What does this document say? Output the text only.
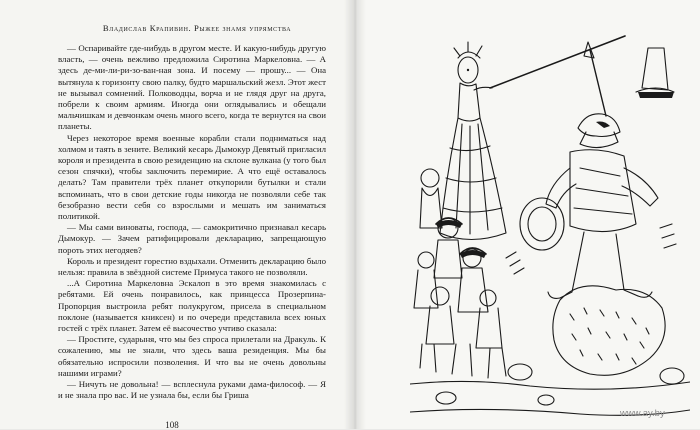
Владислав Крапивин. Рыжее знамя упрямства

— Оспаривайте где-нибудь в другом месте. И какую-нибудь другую власть, — очень вежливо предложила Сиротина Маркеловна. — А здесь де-ми-ли-ри-зо-ван-ная зона. И посему — прошу... — Она вытянула к горизонту свою палку, будто маршальский жезл. Этот жест не вызывал сомнений. Полководцы, ворча и не глядя друг на друга, побрели к своим армиям. Иногда они оглядывались и обещали мальчишкам и девчонкам очень много всего, когда те вернутся на свои планеты.

Через некоторое время военные корабли стали подниматься над холмом и таять в зените. Великий кесарь Дымокур Девятый пригласил короля и президента в свою резиденцию на склоне вулкана (у того был сезон спячки), чтобы заключить перемирие. А что ещё оставалось делать? Там правители трёх планет откупорили бутылки и стали вспоминать, что в свои детские годы никогда не позволяли себе так безобразно вести себя со взрослыми и мешать им заниматься политикой.

— Мы сами виноваты, господа, — самокритично признавал кесарь Дымокур. — Зачем ратифицировали декларацию, запрещающую пороть этих негодяев?

Король и президент горестно вздыхали. Отменить декларацию было нельзя: правила в звёздной системе Примуса такого не позволяли.

...А Сиротина Маркеловна Эскалоп в это время знакомилась с ребятами. Ей очень понравилось, как принцесса Прозерпина-Пропорция выстроила ребят полукругом, присела в специальном поклоне (называется книксен) и по очереди представила всех юных гостей с трёх планет. Затем её высочество учтиво сказала:

— Простите, сударыня, что мы без спроса прилетали на Дракуль. К сожалению, мы не знали, что здесь ваша резиденция. Мы бы обязательно испросили позволения. И что вы не очень довольны нашими играми?

— Ничуть не довольна! — всплеснула руками дама-философ. — Я и не знала про вас. И не узнала бы, если бы Гриша

108
www.ay.by
